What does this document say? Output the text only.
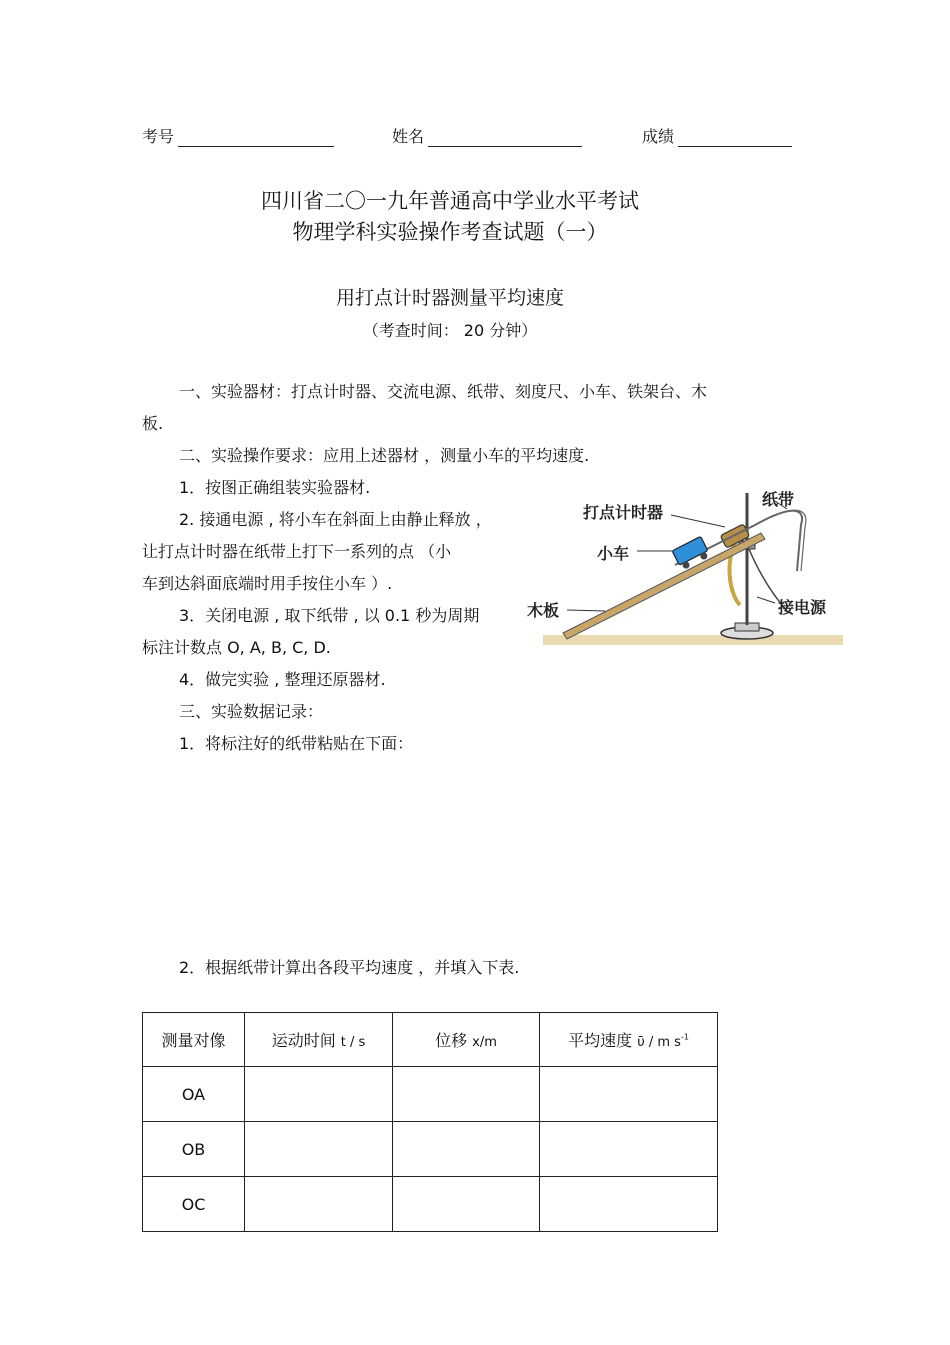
考号	姓名	成绩
四川省二〇一九年普通高中学业水平考试
物理学科实验操作考查试题（一）
用打点计时器测量平均速度
（考查时间： 20 分钟）
一、实验器材：打点计时器、交流电源、纸带、刻度尺、小车、铁架台、木
板.
二、实验操作要求：应用上述器材 ，测量小车的平均速度.
1．按图正确组装实验器材.
2. 接通电源 , 将小车在斜面上由静止释放 ，
让打点计时器在纸带上打下一系列的点 （小
车到达斜面底端时用手按住小车 ）.
3．关闭电源 , 取下纸带 , 以 0.1 秒为周期
标注计数点 O, A, B, C, D.
4．做完实验 , 整理还原器材.
三、实验数据记录：
1．将标注好的纸带粘贴在下面：
2．根据纸带计算出各段平均速度 ，并填入下表.
打点计时器
纸带
小车
木板	接电源
测量对像	运动时间 t / s	位移 x/m	平均速度 ῡ / m $s^{-1}$
OA			
OB			
OC			
